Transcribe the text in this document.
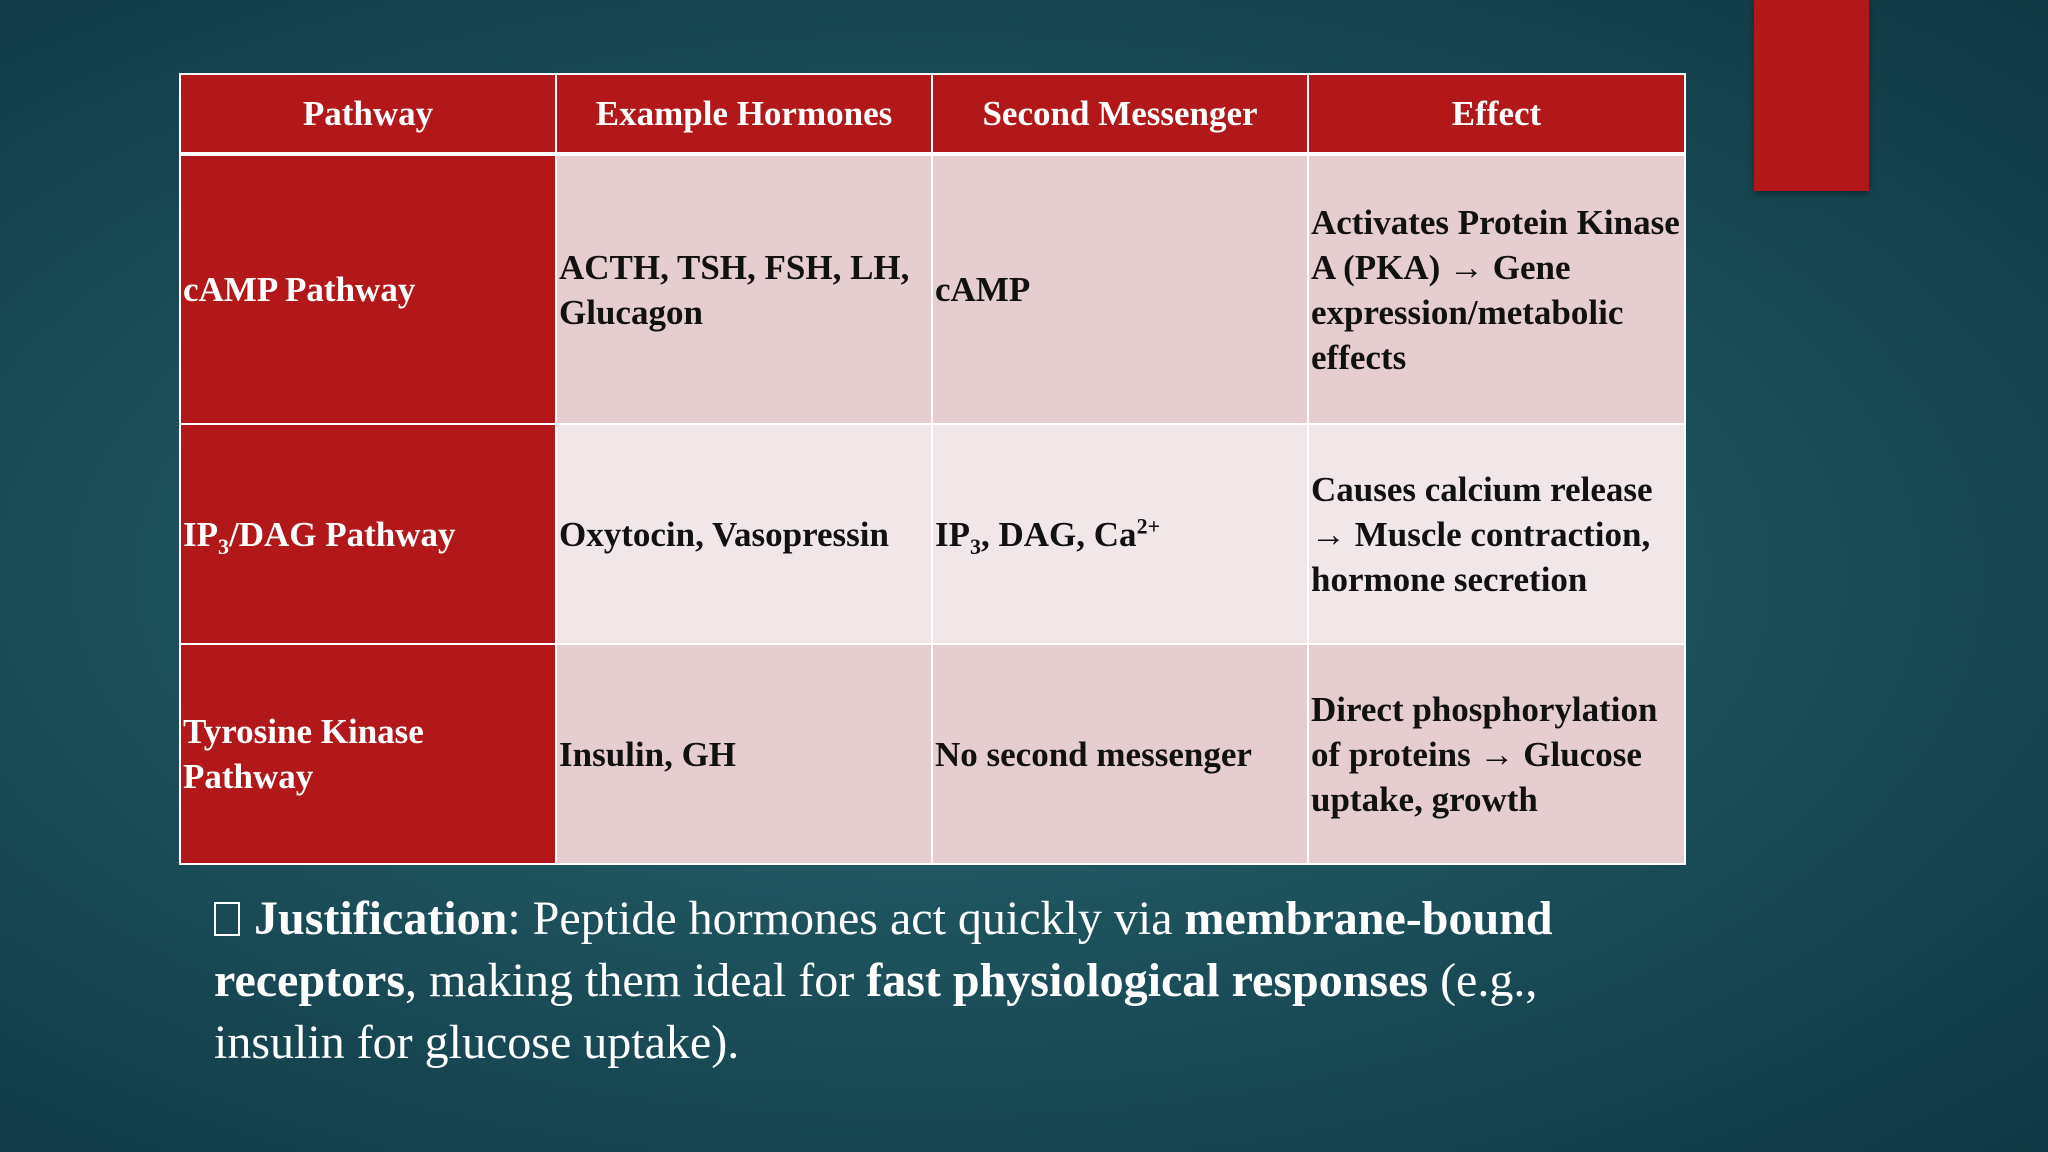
Pathway	Example Hormones	Second Messenger	Effect
cAMP Pathway	ACTH, TSH, FSH, LH, Glucagon	cAMP	Activates Protein Kinase A (PKA) → Gene expression/metabolic effects
$IP_3$/DAG Pathway	Oxytocin, Vasopressin	$IP_3$, DAG, $Ca^{2+}$	Causes calcium release → Muscle contraction, hormone secretion
Tyrosine Kinase Pathway	Insulin, GH	No second messenger	Direct phosphorylation of proteins → Glucose uptake, growth
Justification: Peptide hormones act quickly via membrane-bound receptors, making them ideal for fast physiological responses (e.g., insulin for glucose uptake).
